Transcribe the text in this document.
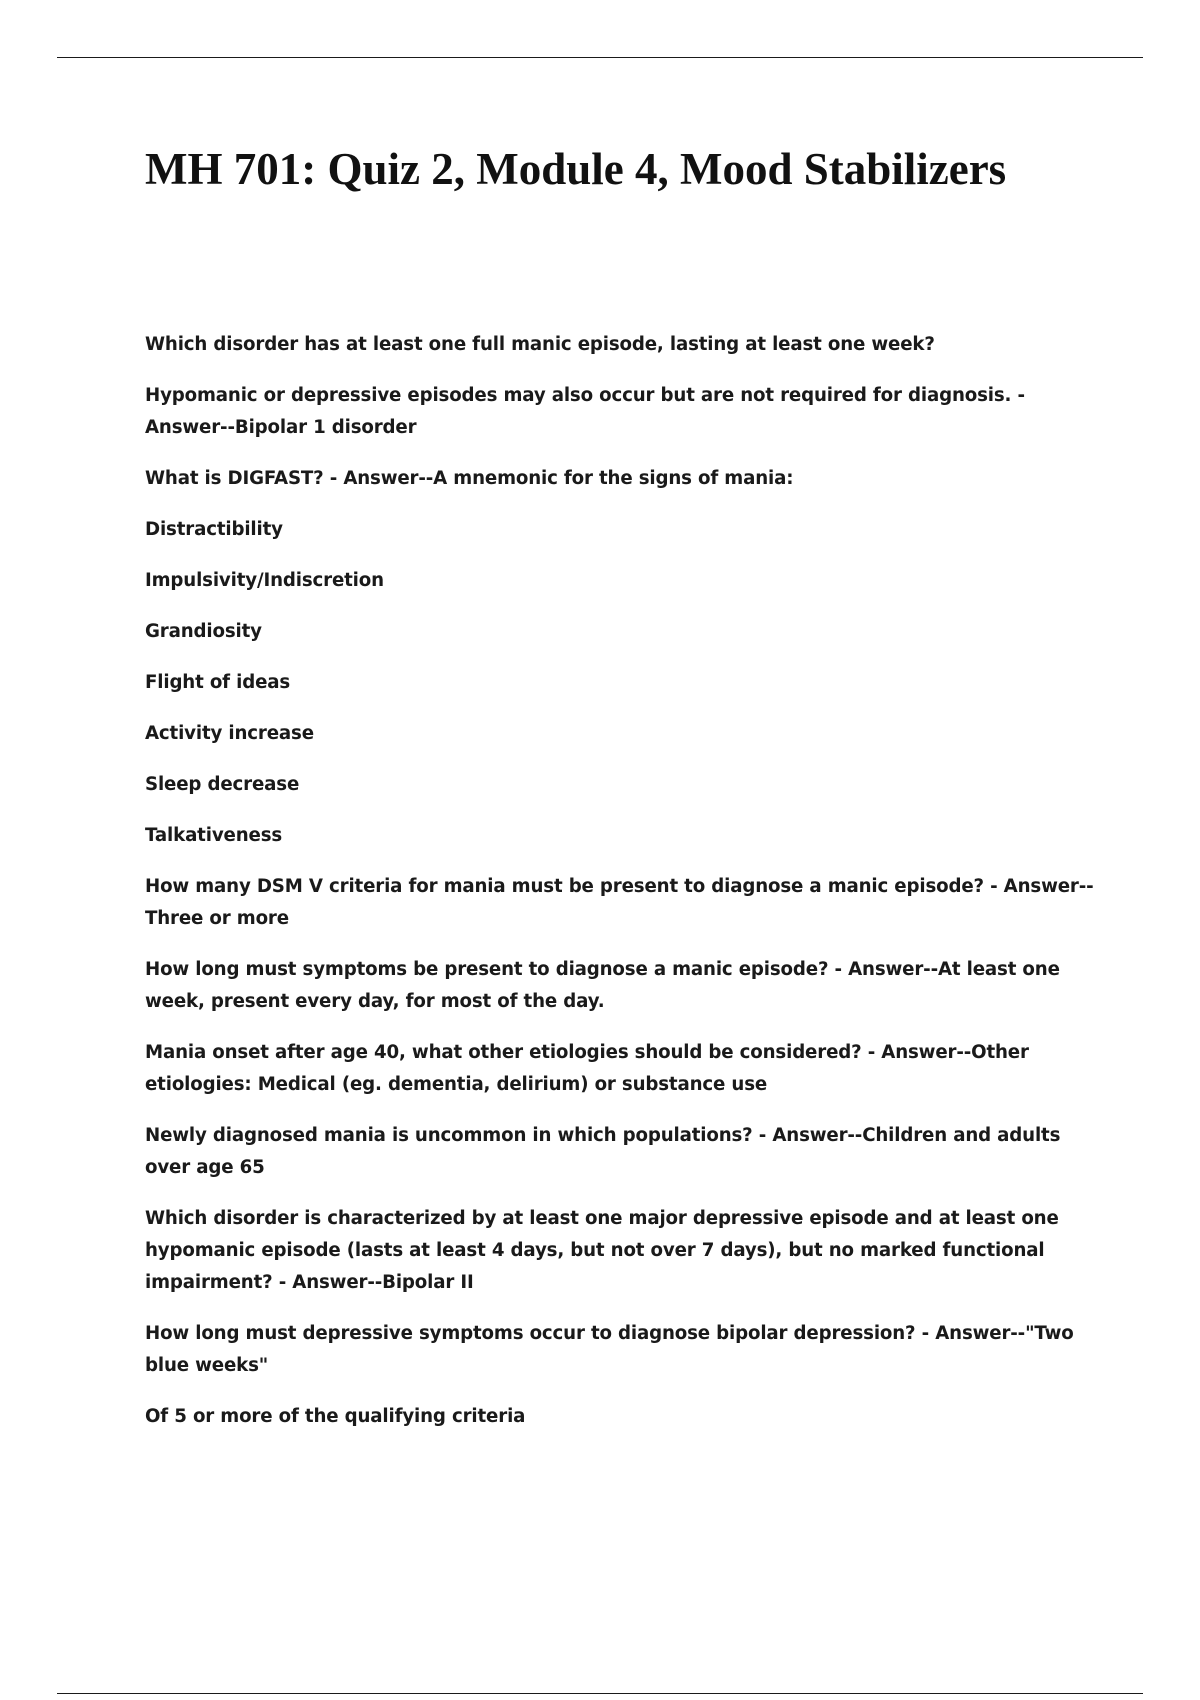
MH 701: Quiz 2, Module 4, Mood Stabilizers

Which disorder has at least one full manic episode, lasting at least one week?

Hypomanic or depressive episodes may also occur but are not required for diagnosis. - Answer--Bipolar 1 disorder

What is DIGFAST? - Answer--A mnemonic for the signs of mania:

Distractibility

Impulsivity/Indiscretion

Grandiosity

Flight of ideas

Activity increase

Sleep decrease

Talkativeness

How many DSM V criteria for mania must be present to diagnose a manic episode? - Answer--Three or more

How long must symptoms be present to diagnose a manic episode? - Answer--At least one week, present every day, for most of the day.

Mania onset after age 40, what other etiologies should be considered? - Answer--Other etiologies: Medical (eg. dementia, delirium) or substance use

Newly diagnosed mania is uncommon in which populations? - Answer--Children and adults over age 65

Which disorder is characterized by at least one major depressive episode and at least one hypomanic episode (lasts at least 4 days, but not over 7 days), but no marked functional impairment? - Answer--Bipolar II

How long must depressive symptoms occur to diagnose bipolar depression? - Answer--"Two blue weeks"

Of 5 or more of the qualifying criteria
